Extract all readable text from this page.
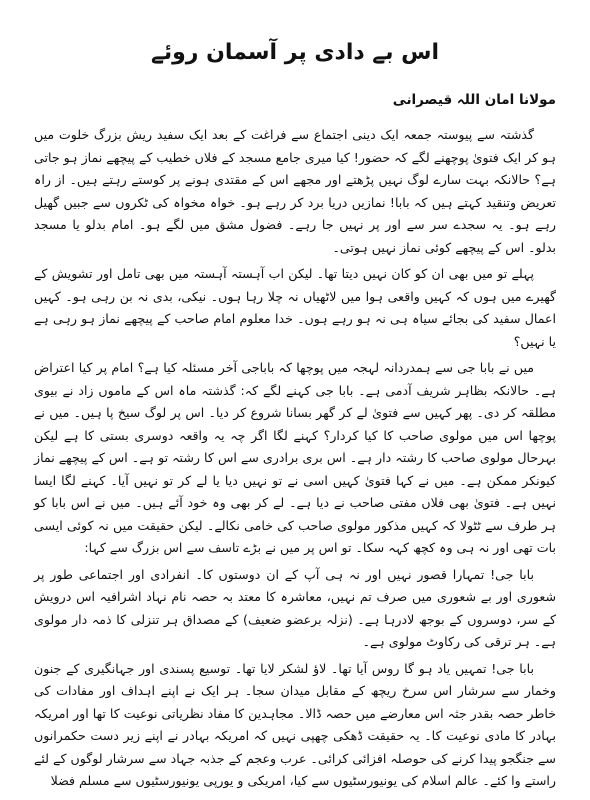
اس بے دادی پر آسمان روئے
مولانا امان اللہ قیصرانی

گذشتہ سے پیوستہ جمعہ ایک دینی اجتماع سے فراغت کے بعد ایک سفید ریش بزرگ خلوت میں ہو کر ایک فتویٰ پوچھنے لگے کہ حضور! کیا میری جامع مسجد کے فلاں خطیب کے پیچھے نماز ہو جاتی ہے؟ حالانکہ بہت سارے لوگ نہیں پڑھتے اور مجھے اس کے مقتدی ہونے پر کوستے رہتے ہیں۔ از راہ تعریض وتنقید کہتے ہیں کہ بابا! نمازیں دریا برد کر رہے ہو۔ خواہ مخواہ کی ٹکروں سے جبیں گھیل رہے ہو۔ یہ سجدے سر سے اور پر نہیں جا رہے۔ فضول مشق میں لگے ہو۔ امام بدلو یا مسجد بدلو۔ اس کے پیچھے کوئی نماز نہیں ہوتی۔

پہلے تو میں بھی ان کو کان نہیں دیتا تھا۔ لیکن اب آہستہ آہستہ میں بھی تامل اور تشویش کے گھیرے میں ہوں کہ کہیں واقعی ہوا میں لاٹھیاں نہ چلا رہا ہوں۔ نیکی، بدی نہ بن رہی ہو۔ کہیں اعمال سفید کی بجائے سیاہ ہی نہ ہو رہے ہوں۔ خدا معلوم امام صاحب کے پیچھے نماز ہو رہی ہے یا نہیں؟

میں نے بابا جی سے ہمدردانہ لہجہ میں پوچھا کہ باباجی آخر مسئلہ کیا ہے؟ امام پر کیا اعتراض ہے۔ حالانکہ بظاہر شریف آدمی ہے۔ بابا جی کہنے لگے کہ: گذشتہ ماہ اس کے ماموں زاد نے بیوی مطلقہ کر دی۔ پھر کہیں سے فتویٰ لے کر گھر بسانا شروع کر دیا۔ اس پر لوگ سیخ پا ہیں۔ میں نے پوچھا اس میں مولوی صاحب کا کیا کردار؟ کہنے لگا اگر چہ یہ واقعہ دوسری بستی کا ہے لیکن بہرحال مولوی صاحب کا رشتہ دار ہے۔ اس بری برادری سے اس کا رشتہ تو ہے۔ اس کے پیچھے نماز کیونکر ممکن ہے۔ میں نے کہا فتویٰ کہیں اسی نے تو نہیں دیا یا لے کر تو نہیں آیا۔ کہنے لگا ایسا نہیں ہے۔ فتویٰ بھی فلاں مفتی صاحب نے دیا ہے۔ لے کر بھی وہ خود آئے ہیں۔ میں نے اس بابا کو ہر طرف سے ٹٹولا کہ کہیں مذکور مولوی صاحب کی خامی نکالے۔ لیکن حقیقت میں نہ کوئی ایسی بات تھی اور نہ ہی وہ کچھ کہہ سکا۔ تو اس پر میں نے بڑے تاسف سے اس بزرگ سے کہا:

بابا جی! تمہارا قصور نہیں اور نہ ہی آپ کے ان دوستوں کا۔ انفرادی اور اجتماعی طور پر شعوری اور بے شعوری میں صرف تم نہیں، معاشرہ کا معتد بہ حصہ نام نہاد اشرافیہ اس درویش کے سر، دوسروں کے بوجھ لادرہا ہے۔ (نزلہ برعضو ضعیف) کے مصداق ہر تنزلی کا ذمہ دار مولوی ہے۔ ہر ترقی کی رکاوٹ مولوی ہے۔

بابا جی! تمہیں یاد ہو گا روس آیا تھا۔ لاؤ لشکر لایا تھا۔ توسیع پسندی اور جہانگیری کے جنون وخمار سے سرشار اس سرخ ریچھ کے مقابل میدان سجا۔ ہر ایک نے اپنے اہداف اور مفادات کی خاطر حصہ بقدر جثہ اس معارضے میں حصہ ڈالا۔ مجاہدین کا مفاد نظریاتی نوعیت کا تھا اور امریکہ بہادر کا مادی نوعیت کا۔ یہ حقیقت ڈھکی چھپی نہیں کہ امریکہ بہادر نے اپنے زیر دست حکمرانوں سے جنگجو پیدا کرنے کی حوصلہ افزائی کرائی۔ عرب وعجم کے جذبہ جہاد سے سرشار لوگوں کے لئے راستے وا کئے۔ عالم اسلام کی یونیورسٹیوں سے کیا، امریکی و یورپی یونیورسٹیوں سے مسلم فضلا
